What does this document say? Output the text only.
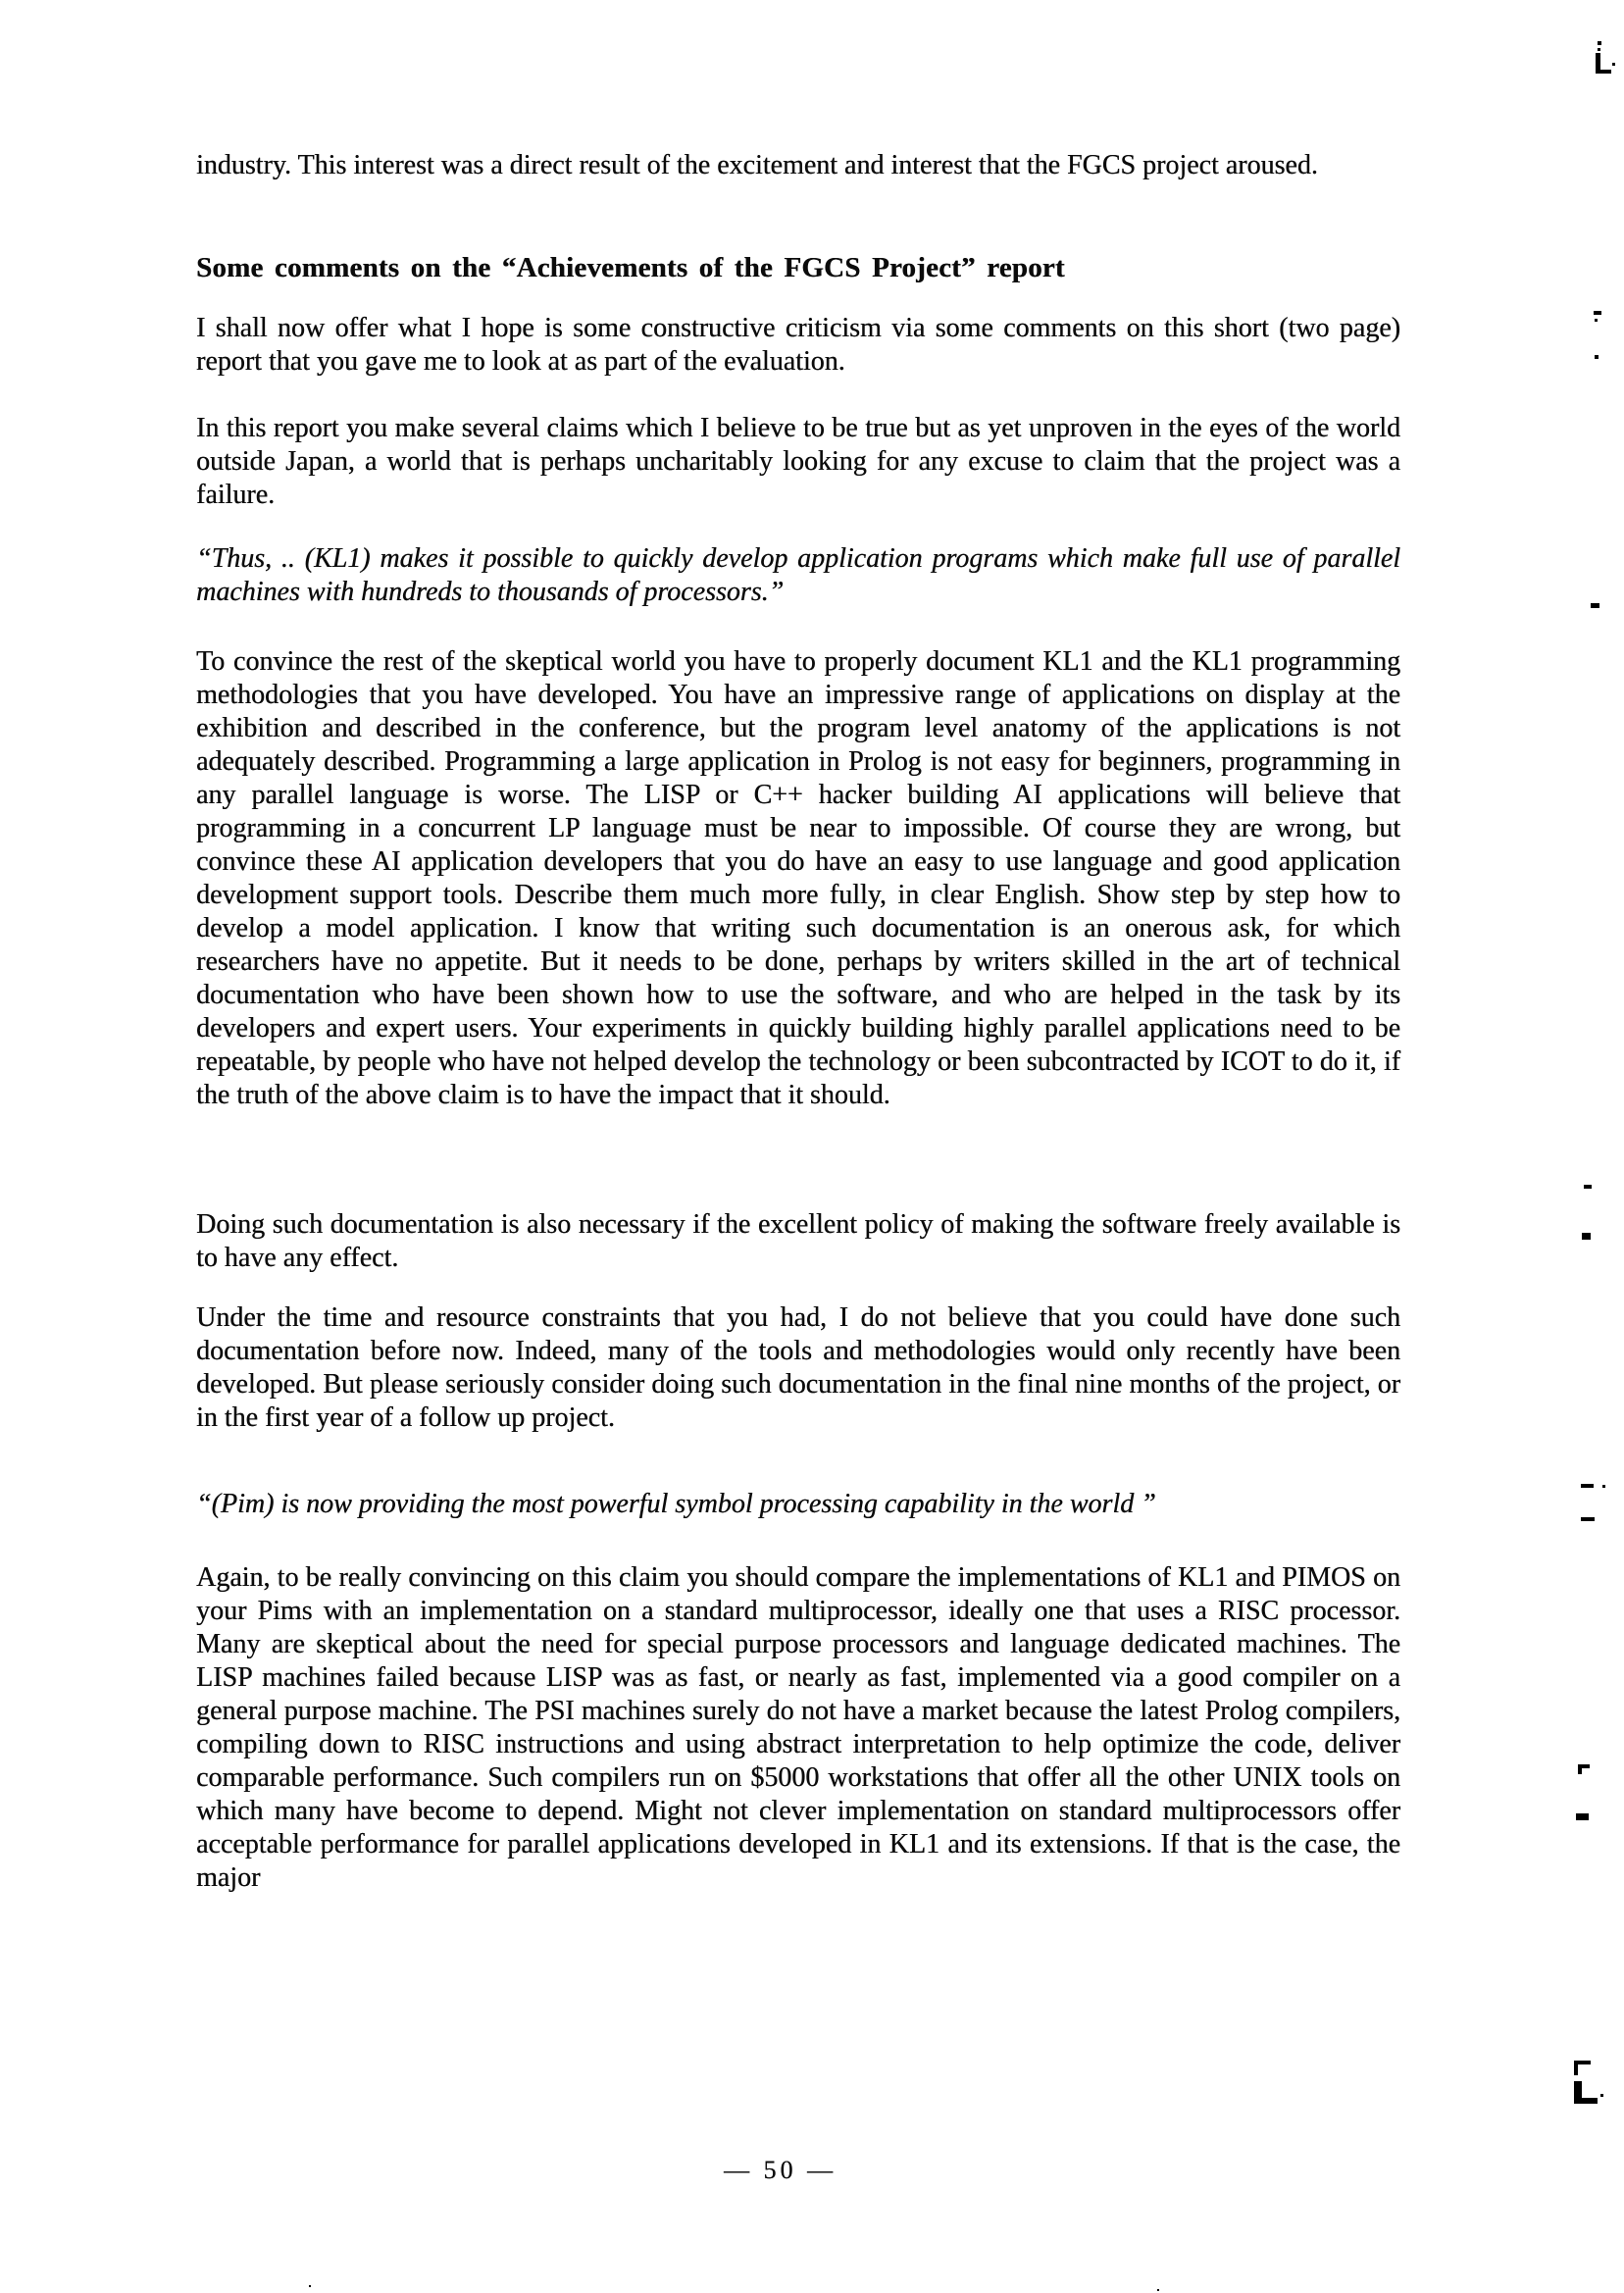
industry. This interest was a direct result of the excitement and interest that the FGCS project aroused.
Some comments on the “Achievements of the FGCS Project” report
I shall now offer what I hope is some constructive criticism via some comments on this short (two page) report that you gave me to look at as part of the evaluation.
In this report you make several claims which I believe to be true but as yet unproven in the eyes of the world outside Japan, a world that is perhaps uncharitably looking for any excuse to claim that the project was a failure.
“Thus, .. (KL1) makes it possible to quickly develop application programs which make full use of parallel machines with hundreds to thousands of processors.”
To convince the rest of the skeptical world you have to properly document KL1 and the KL1 programming methodologies that you have developed. You have an impressive range of applications on display at the exhibition and described in the conference, but the program level anatomy of the applications is not adequately described. Programming a large application in Prolog is not easy for beginners, programming in any parallel language is worse. The LISP or C++ hacker building AI applications will believe that programming in a concurrent LP language must be near to impossible. Of course they are wrong, but convince these AI application developers that you do have an easy to use language and good application development support tools. Describe them much more fully, in clear English. Show step by step how to develop a model application. I know that writing such documentation is an onerous ask, for which researchers have no appetite. But it needs to be done, perhaps by writers skilled in the art of technical documentation who have been shown how to use the software, and who are helped in the task by its developers and expert users. Your experiments in quickly building highly parallel applications need to be repeatable, by people who have not helped develop the technology or been subcontracted by ICOT to do it, if the truth of the above claim is to have the impact that it should.
Doing such documentation is also necessary if the excellent policy of making the software freely available is to have any effect.
Under the time and resource constraints that you had, I do not believe that you could have done such documentation before now. Indeed, many of the tools and methodologies would only recently have been developed. But please seriously consider doing such documentation in the final nine months of the project, or in the first year of a follow up project.
“(Pim) is now providing the most powerful symbol processing capability in the world ”
Again, to be really convincing on this claim you should compare the implementations of KL1 and PIMOS on your Pims with an implementation on a standard multiprocessor, ideally one that uses a RISC processor. Many are skeptical about the need for special purpose processors and language dedicated machines. The LISP machines failed because LISP was as fast, or nearly as fast, implemented via a good compiler on a general purpose machine. The PSI machines surely do not have a market because the latest Prolog compilers, compiling down to RISC instructions and using abstract interpretation to help optimize the code, deliver comparable performance. Such compilers run on $5000 workstations that offer all the other UNIX tools on which many have become to depend. Might not clever implementation on standard multiprocessors offer acceptable performance for parallel applications developed in KL1 and its extensions. If that is the case, the major
— 50 —
